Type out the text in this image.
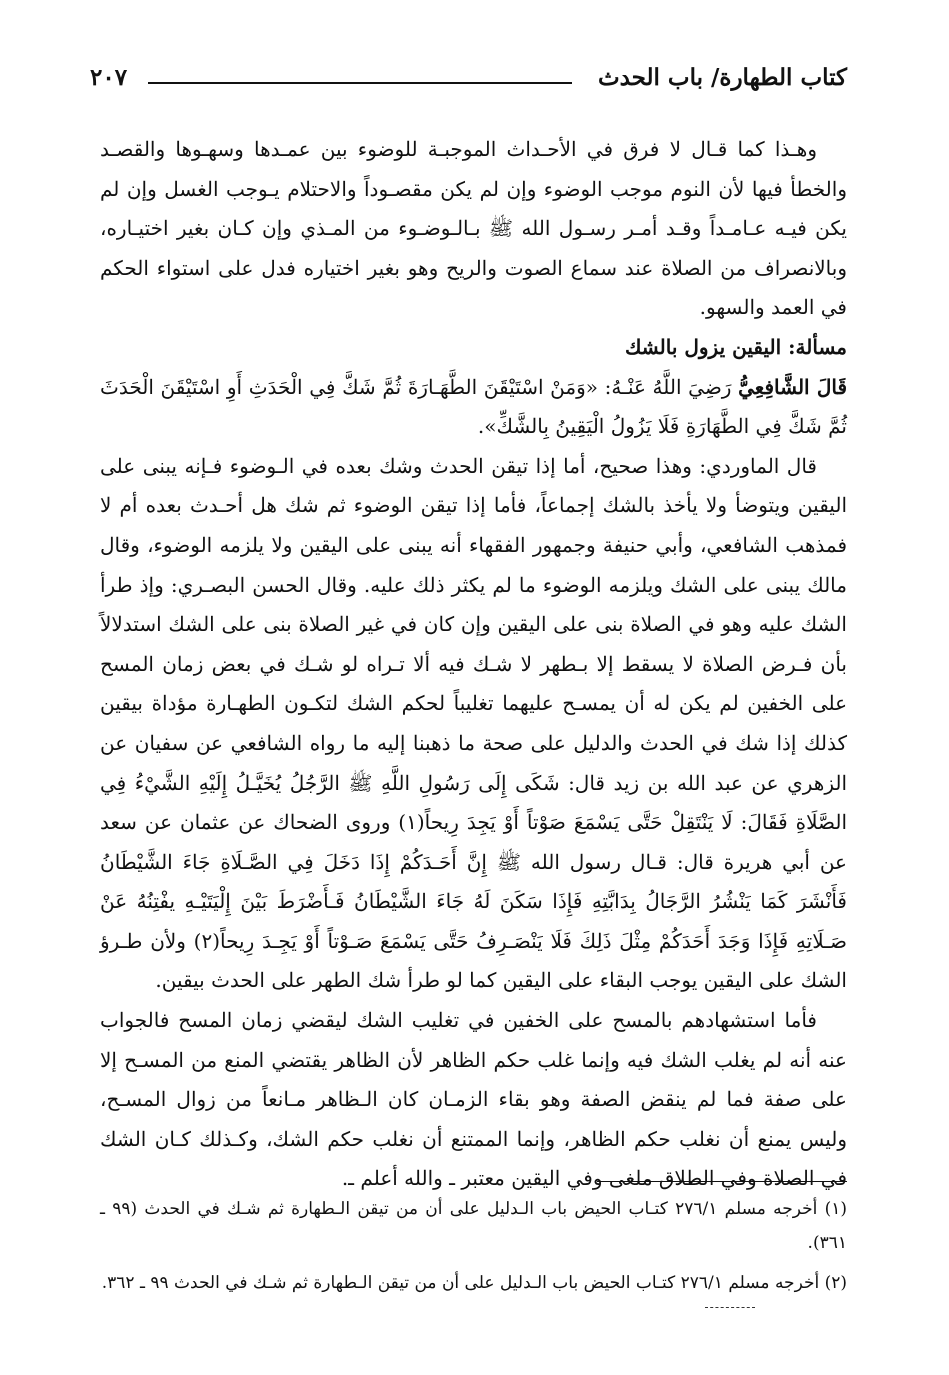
كتاب الطهارة/ باب الحدث
٢٠٧

وهـذا كما قـال لا فرق في الأحـداث الموجبـة للوضوء بين عمـدها وسهـوها والقصـد والخطأ فيها لأن النوم موجب الوضوء وإن لم يكن مقصـوداً والاحتلام يـوجب الغسل وإن لم يكن فيـه عـامـداً وقـد أمـر رسـول الله ﷺ بـالـوضـوء من المـذي وإن كـان بغير اختيـاره، وبالانصراف من الصلاة عند سماع الصوت والريح وهو بغير اختياره فدل على استواء الحكم في العمد والسهو.

مسألة: اليقين يزول بالشك

قَالَ الشَّافِعِيُّ رَضِيَ اللَّهُ عَنْـهُ: «وَمَنْ اسْتَيْقَنَ الطَّهَـارَةَ ثُمَّ شَكَّ فِي الْحَدَثِ أَوِ اسْتَيْقَنَ الْحَدَثَ ثُمَّ شَكَّ فِي الطَّهَارَةِ فَلَا يَزُولُ الْيَقِينُ بِالشَّكِّ».

قال الماوردي: وهذا صحيح، أما إذا تيقن الحدث وشك بعده في الـوضوء فـإنه يبنى على اليقين ويتوضأ ولا يأخذ بالشك إجماعاً، فأما إذا تيقن الوضوء ثم شك هل أحـدث بعده أم لا فمذهب الشافعي، وأبي حنيفة وجمهور الفقهاء أنه يبنى على اليقين ولا يلزمه الوضوء، وقال مالك يبنى على الشك ويلزمه الوضوء ما لم يكثر ذلك عليه. وقال الحسن البصـري: وإذ طرأ الشك عليه وهو في الصلاة بنى على اليقين وإن كان في غير الصلاة بنى على الشك استدلالاً بأن فـرض الصلاة لا يسقط إلا بـطهر لا شـك فيه ألا تـراه لو شـك في بعض زمان المسح على الخفين لم يكن له أن يمسـح عليهما تغليباً لحكم الشك لتكـون الطهـارة مؤداة بيقين كذلك إذا شك في الحدث والدليل على صحة ما ذهبنا إليه ما رواه الشافعي عن سفيان عن الزهري عن عبد الله بن زيد قال: شَكَى إِلَى رَسُولِ اللَّهِ ﷺ الرَّجُلُ يُخَيَّـلُ إِلَيْهِ الشَّيْءُ فِي الصَّلَاةِ فَقَالَ: لَا يَنْتَقِلْ حَتَّى يَسْمَعَ صَوْتاً أَوْ يَجِدَ رِيحاً(١) وروى الضحاك عن عثمان عن سعد عن أبي هريرة قال: قـال رسول الله ﷺ إِنَّ أَحَـدَكُمْ إِذَا دَخَلَ فِي الصَّـلَاةِ جَاءَ الشَّيْطَانُ فَأَنْشَرَ كَمَا يَنْشُرُ الرَّجَالُ بِدَابَّتِهِ فَإِذَا سَكَنَ لَهُ جَاءَ الشَّيْطَانُ فَـأَضْرَطَ بَيْنَ إِلْيَتَيْـهِ يفْتِنُهُ عَنْ صَـلَاتِهِ فَإِذَا وَجَدَ أَحَدَكُمْ مِثْلَ ذَلِكَ فَلَا يَنْصَـرِفُ حَتَّى يَسْمَعَ صَـوْتاً أَوْ يَجِـدَ رِيحاً(٢) ولأن طـرؤ الشك على اليقين يوجب البقاء على اليقين كما لو طرأ شك الطهر على الحدث بيقين.

فأما استشهادهم بالمسح على الخفين في تغليب الشك ليقضي زمان المسح فالجواب عنه أنه لم يغلب الشك فيه وإنما غلب حكم الظاهر لأن الظاهر يقتضي المنع من المسـح إلا على صفة فما لم ينقض الصفة وهو بقاء الزمـان كان الـظاهر مـانعاً من زوال المسـح، وليس يمنع أن نغلب حكم الظاهر، وإنما الممتنع أن نغلب حكم الشك، وكـذلك كـان الشك في الصلاة وفي الطلاق ملغى وفي اليقين معتبر ـ والله أعلم ـ.

(١) أخرجه مسلم ٢٧٦/١ كتـاب الحيض باب الـدليل على أن من تيقن الـطهارة ثم شـك في الحدث (٩٩ ـ ٣٦١).

(٢) أخرجه مسلم ٢٧٦/١ كتـاب الحيض باب الـدليل على أن من تيقن الـطهارة ثم شـك في الحدث ٩٩ ـ ٣٦٢.
